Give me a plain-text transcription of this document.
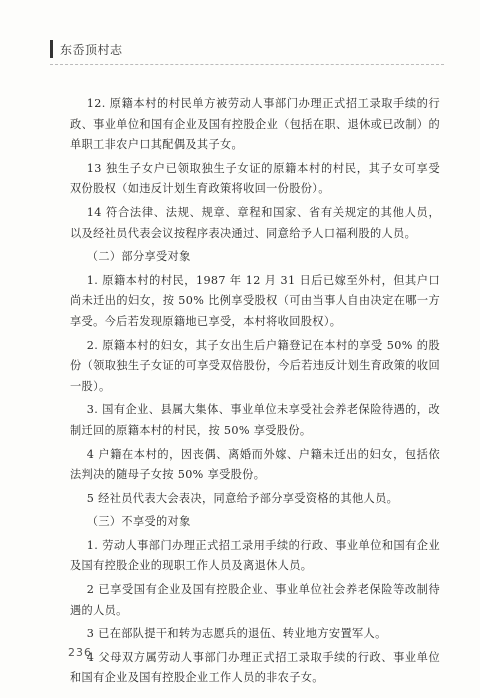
东岙顶村志

12. 原籍本村的村民单方被劳动人事部门办理正式招工录取手续的行政、事业单位和国有企业及国有控股企业（包括在职、退休或已改制）的单职工非农户口其配偶及其子女。

13 独生子女户已领取独生子女证的原籍本村的村民，其子女可享受双份股权（如违反计划生育政策将收回一份股份）。

14 符合法律、法规、规章、章程和国家、省有关规定的其他人员，以及经社员代表会议按程序表决通过、同意给予人口福利股的人员。

（二）部分享受对象

1. 原籍本村的村民，1987 年 12 月 31 日后已嫁至外村，但其户口尚未迁出的妇女，按 50% 比例享受股权（可由当事人自由决定在哪一方享受。今后若发现原籍地已享受，本村将收回股权）。

2. 原籍本村的妇女，其子女出生后户籍登记在本村的享受 50% 的股份（领取独生子女证的可享受双倍股份，今后若违反计划生育政策的收回一股）。

3. 国有企业、县属大集体、事业单位未享受社会养老保险待遇的，改制迁回的原籍本村的村民，按 50% 享受股份。

4 户籍在本村的，因丧偶、离婚而外嫁、户籍未迁出的妇女，包括依法判决的随母子女按 50% 享受股份。

5 经社员代表大会表决，同意给予部分享受资格的其他人员。

（三）不享受的对象

1. 劳动人事部门办理正式招工录用手续的行政、事业单位和国有企业及国有控股企业的现职工作人员及离退休人员。

2 已享受国有企业及国有控股企业、事业单位社会养老保险等改制待遇的人员。

3 已在部队提干和转为志愿兵的退伍、转业地方安置军人。

4 父母双方属劳动人事部门办理正式招工录取手续的行政、事业单位和国有企业及国有控股企业工作人员的非农子女。

236
